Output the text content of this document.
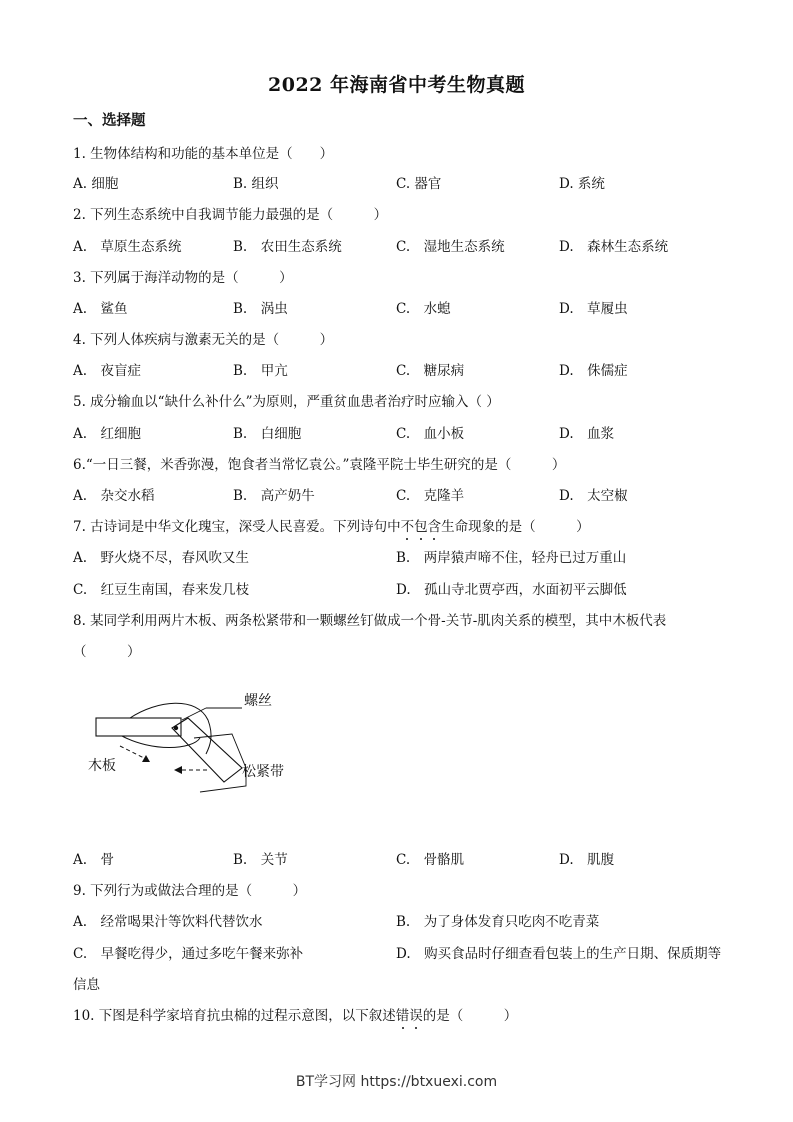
2022 年海南省中考生物真题
一、选择题
1. 生物体结构和功能的基本单位是（　　）
A. 细胞	B. 组织	C. 器官	D. 系统
2. 下列生态系统中自我调节能力最强的是（　　　）
A.　草原生态系统	B.　农田生态系统	C.　湿地生态系统	D.　森林生态系统
3. 下列属于海洋动物的是（　　　）
A.　鲨鱼	B.　涡虫	C.　水螅	D.　草履虫
4. 下列人体疾病与激素无关的是（　　　）
A.　夜盲症	B.　甲亢	C.　糖尿病	D.　侏儒症
5. 成分输血以“缺什么补什么”为原则，严重贫血患者治疗时应输入（ ）
A.　红细胞	B.　白细胞	C.　血小板	D.　血浆
6.“一日三餐，米香弥漫，饱食者当常忆袁公。”袁隆平院士毕生研究的是（　　　）
A.　杂交水稻	B.　高产奶牛	C.　克隆羊	D.　太空椒
7. 古诗词是中华文化瑰宝，深受人民喜爱。下列诗句中不包含生命现象的是（　　　）
A.　野火烧不尽，春风吹又生	B.　两岸猿声啼不住，轻舟已过万重山
C.　红豆生南国，春来发几枝	D.　孤山寺北贾亭西，水面初平云脚低
8. 某同学利用两片木板、两条松紧带和一颗螺丝钉做成一个骨-关节-肌肉关系的模型，其中木板代表
（　　　）
螺丝
木板	松紧带
A.　骨	B.　关节	C.　骨骼肌	D.　肌腹
9. 下列行为或做法合理的是（　　　）
A.　经常喝果汁等饮料代替饮水	B.　为了身体发育只吃肉不吃青菜
C.　早餐吃得少，通过多吃午餐来弥补	D.　购买食品时仔细查看包装上的生产日期、保质期等
信息
10. 下图是科学家培育抗虫棉的过程示意图，以下叙述错误的是（　　　）
BT学习网 https://btxuexi.com
